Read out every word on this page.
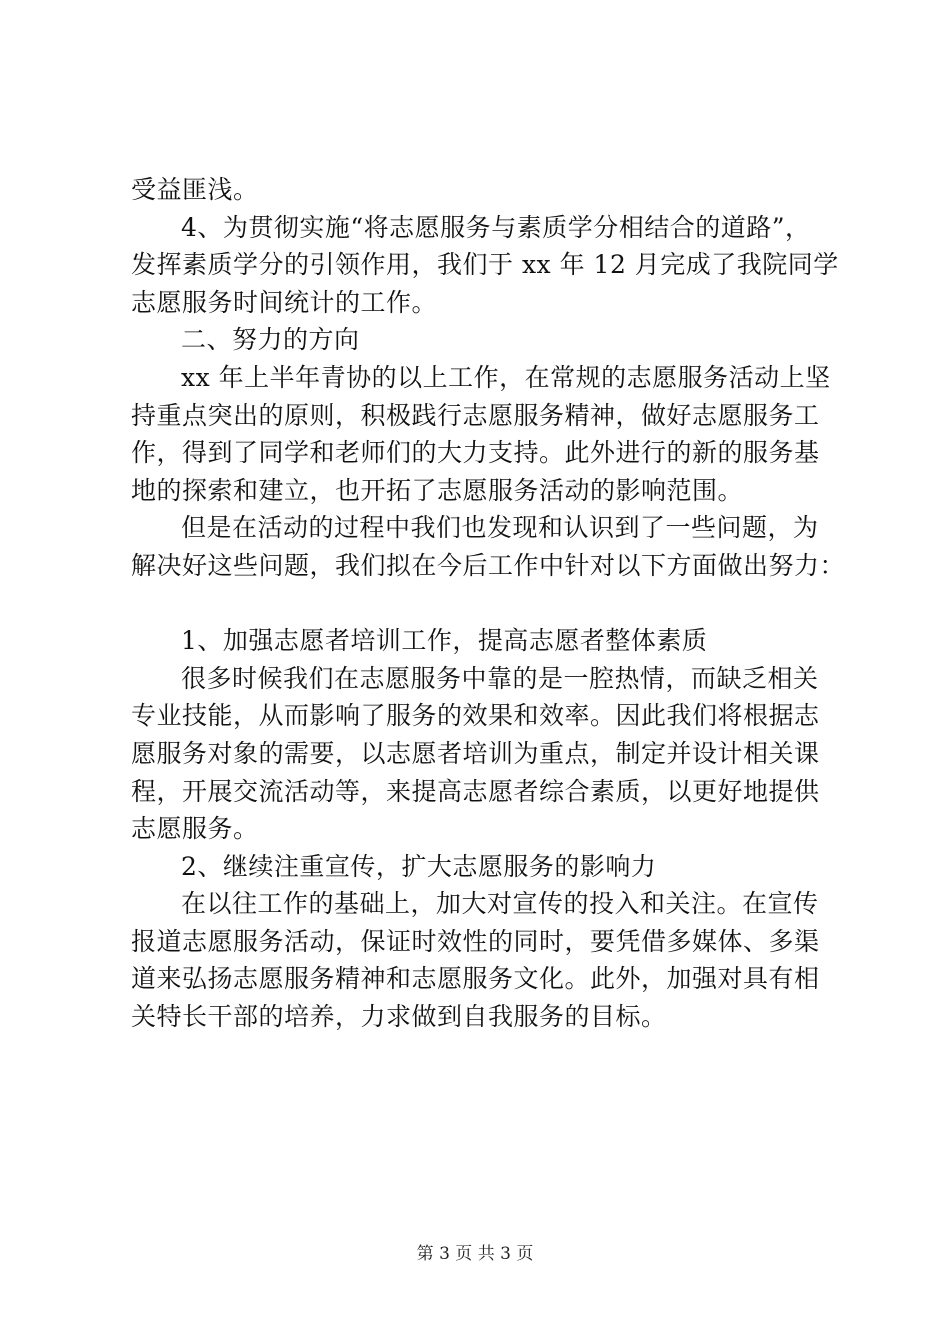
受益匪浅。
4、为贯彻实施“将志愿服务与素质学分相结合的道路”，
发挥素质学分的引领作用，我们于 xx 年 12 月完成了我院同学
志愿服务时间统计的工作。
二、努力的方向
xx 年上半年青协的以上工作，在常规的志愿服务活动上坚
持重点突出的原则，积极践行志愿服务精神，做好志愿服务工
作，得到了同学和老师们的大力支持。此外进行的新的服务基
地的探索和建立，也开拓了志愿服务活动的影响范围。
但是在活动的过程中我们也发现和认识到了一些问题，为
解决好这些问题，我们拟在今后工作中针对以下方面做出努力：
1、加强志愿者培训工作，提高志愿者整体素质
很多时候我们在志愿服务中靠的是一腔热情，而缺乏相关
专业技能，从而影响了服务的效果和效率。因此我们将根据志
愿服务对象的需要，以志愿者培训为重点，制定并设计相关课
程，开展交流活动等，来提高志愿者综合素质，以更好地提供
志愿服务。
2、继续注重宣传，扩大志愿服务的影响力
在以往工作的基础上，加大对宣传的投入和关注。在宣传
报道志愿服务活动，保证时效性的同时，要凭借多媒体、多渠
道来弘扬志愿服务精神和志愿服务文化。此外，加强对具有相
关特长干部的培养，力求做到自我服务的目标。
第 3 页 共 3 页
